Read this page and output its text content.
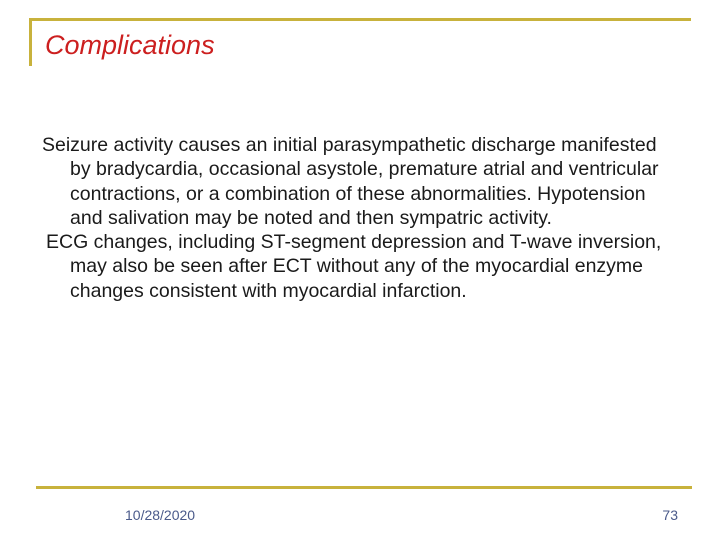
Complications

Seizure activity causes an initial parasympathetic discharge manifested by bradycardia, occasional asystole, premature atrial and ventricular contractions, or a combination of these abnormalities. Hypotension and salivation may be noted and then sympatric activity.

ECG changes, including ST-segment depression and T-wave inversion, may also be seen after ECT without any of the myocardial enzyme changes consistent with myocardial infarction.

10/28/2020	73
